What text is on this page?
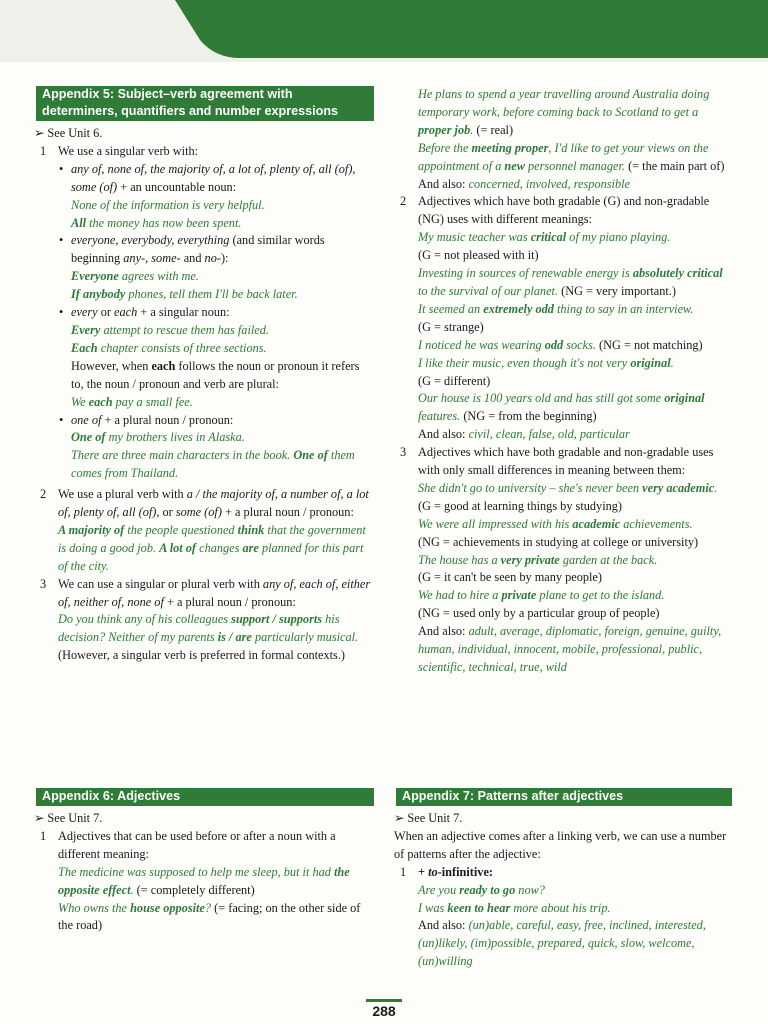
Appendix 5: Subject–verb agreement with determiners, quantifiers and number expressions
➢ See Unit 6.
1 We use a singular verb with:
• any of, none of, the majority of, a lot of, plenty of, all (of), some (of) + an uncountable noun:
None of the information is very helpful.
All the money has now been spent.
• everyone, everybody, everything (and similar words beginning any-, some- and no-):
Everyone agrees with me.
If anybody phones, tell them I'll be back later.
• every or each + a singular noun:
Every attempt to rescue them has failed.
Each chapter consists of three sections.
However, when each follows the noun or pronoun it refers to, the noun / pronoun and verb are plural:
We each pay a small fee.
• one of + a plural noun / pronoun:
One of my brothers lives in Alaska.
There are three main characters in the book. One of them comes from Thailand.
2 We use a plural verb with a / the majority of, a number of, a lot of, plenty of, all (of), or some (of) + a plural noun / pronoun:
A majority of the people questioned think that the government is doing a good job. A lot of changes are planned for this part of the city.
3 We can use a singular or plural verb with any of, each of, either of, neither of, none of + a plural noun / pronoun:
Do you think any of his colleagues support / supports his decision? Neither of my parents is / are particularly musical.
(However, a singular verb is preferred in formal contexts.)
He plans to spend a year travelling around Australia doing temporary work, before coming back to Scotland to get a proper job. (= real)
Before the meeting proper, I'd like to get your views on the appointment of a new personnel manager. (= the main part of)
And also: concerned, involved, responsible
2 Adjectives which have both gradable (G) and non-gradable (NG) uses with different meanings:
My music teacher was critical of my piano playing.
(G = not pleased with it)
Investing in sources of renewable energy is absolutely critical to the survival of our planet. (NG = very important.)
It seemed an extremely odd thing to say in an interview.
(G = strange)
I noticed he was wearing odd socks. (NG = not matching)
I like their music, even though it's not very original.
(G = different)
Our house is 100 years old and has still got some original features. (NG = from the beginning)
And also: civil, clean, false, old, particular
3 Adjectives which have both gradable and non-gradable uses with only small differences in meaning between them:
She didn't go to university – she's never been very academic. (G = good at learning things by studying)
We were all impressed with his academic achievements.
(NG = achievements in studying at college or university)
The house has a very private garden at the back.
(G = it can't be seen by many people)
We had to hire a private plane to get to the island.
(NG = used only by a particular group of people)
And also: adult, average, diplomatic, foreign, genuine, guilty, human, individual, innocent, mobile, professional, public, scientific, technical, true, wild
Appendix 6: Adjectives
➢ See Unit 7.
1 Adjectives that can be used before or after a noun with a different meaning:
The medicine was supposed to help me sleep, but it had the opposite effect. (= completely different)
Who owns the house opposite? (= facing; on the other side of the road)
Appendix 7: Patterns after adjectives
➢ See Unit 7.
When an adjective comes after a linking verb, we can use a number of patterns after the adjective:
1 + to-infinitive:
Are you ready to go now?
I was keen to hear more about his trip.
And also: (un)able, careful, easy, free, inclined, interested, (un)likely, (im)possible, prepared, quick, slow, welcome, (un)willing
288
